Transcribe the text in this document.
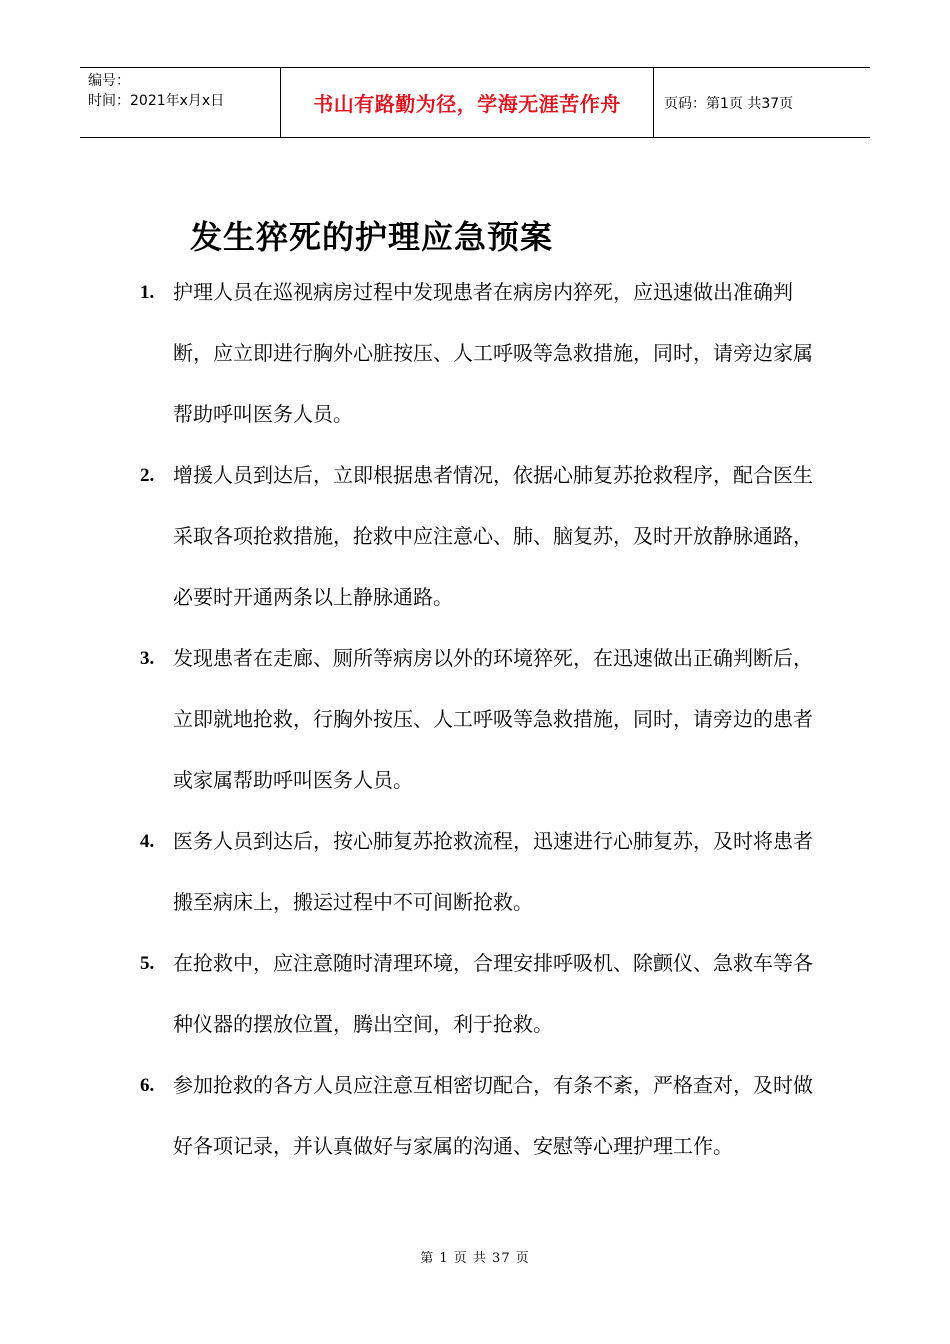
编号：
时间：2021年x月x日	书山有路勤为径，学海无涯苦作舟	页码：第1页 共37页
发生猝死的护理应急预案
1. 护理人员在巡视病房过程中发现患者在病房内猝死，应迅速做出准确判断，应立即进行胸外心脏按压、人工呼吸等急救措施，同时，请旁边家属帮助呼叫医务人员。
2. 增援人员到达后，立即根据患者情况，依据心肺复苏抢救程序，配合医生采取各项抢救措施，抢救中应注意心、肺、脑复苏，及时开放静脉通路，必要时开通两条以上静脉通路。
3. 发现患者在走廊、厕所等病房以外的环境猝死，在迅速做出正确判断后，立即就地抢救，行胸外按压、人工呼吸等急救措施，同时，请旁边的患者或家属帮助呼叫医务人员。
4. 医务人员到达后，按心肺复苏抢救流程，迅速进行心肺复苏，及时将患者搬至病床上，搬运过程中不可间断抢救。
5. 在抢救中，应注意随时清理环境，合理安排呼吸机、除颤仪、急救车等各种仪器的摆放位置，腾出空间，利于抢救。
6. 参加抢救的各方人员应注意互相密切配合，有条不紊，严格查对，及时做好各项记录，并认真做好与家属的沟通、安慰等心理护理工作。
第 1 页 共 37 页
